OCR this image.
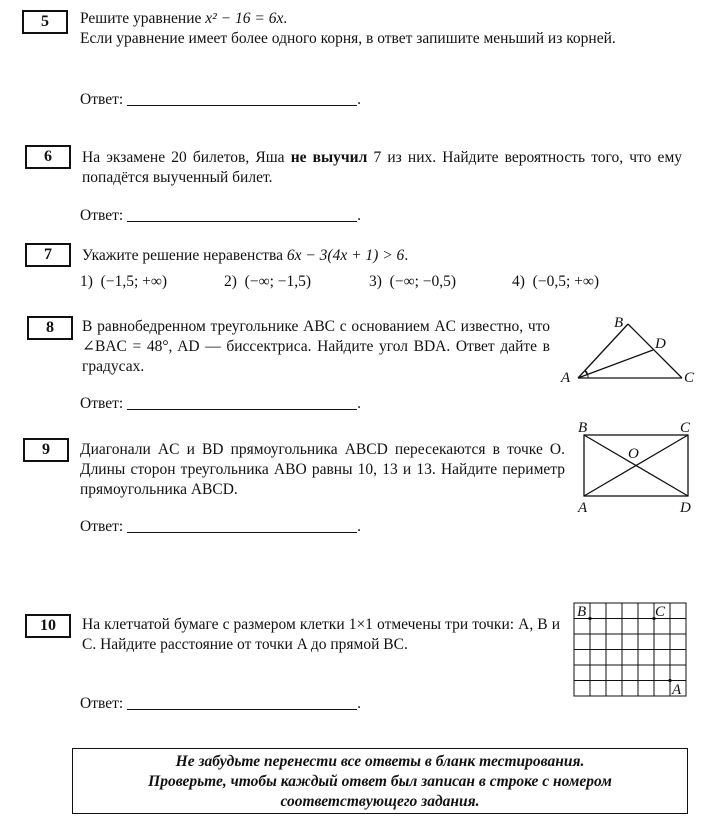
5	Решите уравнение x² − 16 = 6x.
Если уравнение имеет более одного корня, в ответ запишите меньший из корней.
Ответ:	.
6	На экзамене 20 билетов, Яша не выучил 7 из них. Найдите вероятность того, что ему попадётся выученный билет.
Ответ:	.
7	Укажите решение неравенства 6x − 3(4x + 1) > 6.
1) (−1,5; +∞)	2) (−∞; −1,5)	3) (−∞; −0,5)	4) (−0,5; +∞)
8	В равнобедренном треугольнике ABC с основанием AC известно, что ∠BAC = 48°, AD — биссектриса. Найдите угол BDA. Ответ дайте в градусах.
A
B
C
D
Ответ:	.
9	Диагонали AC и BD прямоугольника ABCD пересекаются в точке O. Длины сторон треугольника ABO равны 10, 13 и 13. Найдите периметр прямоугольника ABCD.
B	C
O
A	D
Ответ:	.
10	На клетчатой бумаге с размером клетки 1×1 отмечены три точки: A, B и C. Найдите расстояние от точки A до прямой BC.
B	C
A
Ответ:	.
Не забудьте перенести все ответы в бланк тестирования.
Проверьте, чтобы каждый ответ был записан в строке с номером
соответствующего задания.
